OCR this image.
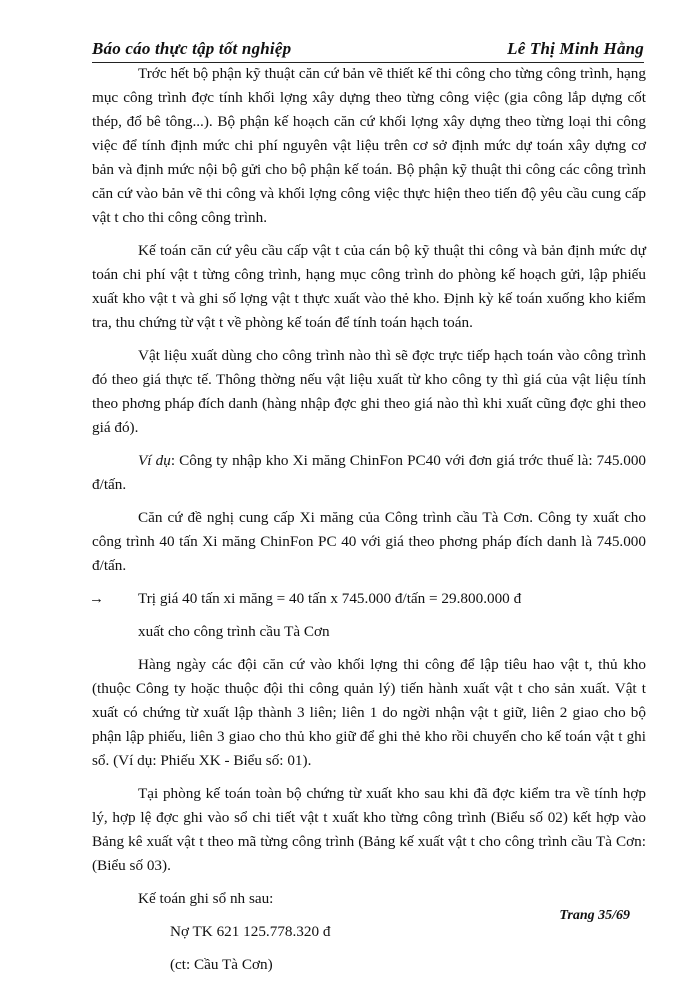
Báo cáo thực tập tốt nghiệp	Lê Thị Minh Hằng

Trớc hết bộ phận kỹ thuật căn cứ bản vẽ thiết kế thi công cho từng công trình, hạng mục công trình đợc tính khối lợng xây dựng theo từng công việc (gia công lắp dựng cốt thép, đổ bê tông...). Bộ phận kế hoạch căn cứ khối lợng xây dựng theo từng loại thi công việc để tính định mức chi phí nguyên vật liệu trên cơ sở định mức dự toán xây dựng cơ bản và định mức nội bộ gửi cho bộ phận kế toán. Bộ phận kỹ thuật thi công các công trình căn cứ vào bản vẽ thi công và khối lợng công việc thực hiện theo tiến độ yêu cầu cung cấp vật t cho thi công công trình.

Kế toán căn cứ yêu cầu cấp vật t của cán bộ kỹ thuật thi công và bản định mức dự toán chi phí vật t từng công trình, hạng mục công trình do phòng kế hoạch gửi, lập phiếu xuất kho vật t và ghi số lợng vật t thực xuất vào thẻ kho. Định kỳ kế toán xuống kho kiểm tra, thu chứng từ vật t về phòng kế toán để tính toán hạch toán.

Vật liệu xuất dùng cho công trình nào thì sẽ đợc trực tiếp hạch toán vào công trình đó theo giá thực tế. Thông thờng nếu vật liệu xuất từ kho công ty thì giá của vật liệu tính theo phơng pháp đích danh (hàng nhập đợc ghi theo giá nào thì khi xuất cũng đợc ghi theo giá đó).

Ví dụ: Công ty nhập kho Xi măng ChinFon PC40 với đơn giá trớc thuế là: 745.000 đ/tấn.

Căn cứ đề nghị cung cấp Xi măng của Công trình cầu Tà Cơn. Công ty xuất cho công trình 40 tấn Xi măng ChinFon PC 40 với giá theo phơng pháp đích danh là 745.000 đ/tấn.

→ Trị giá 40 tấn xi măng = 40 tấn x 745.000 đ/tấn = 29.800.000 đ
xuất cho công trình cầu Tà Cơn

Hàng ngày các đội căn cứ vào khối lợng thi công để lập tiêu hao vật t, thủ kho (thuộc Công ty hoặc thuộc đội thi công quản lý) tiến hành xuất vật t cho sản xuất. Vật t xuất có chứng từ xuất lập thành 3 liên; liên 1 do ngời nhận vật t giữ, liên 2 giao cho bộ phận lập phiếu, liên 3 giao cho thủ kho giữ để ghi thẻ kho rồi chuyển cho kế toán vật t ghi sổ. (Ví dụ: Phiếu XK - Biểu số: 01).

Tại phòng kế toán toàn bộ chứng từ xuất kho sau khi đã đợc kiểm tra về tính hợp lý, hợp lệ đợc ghi vào sổ chi tiết vật t xuất kho từng công trình (Biểu số 02) kết hợp vào Bảng kê xuất vật t theo mã từng công trình (Bảng kế xuất vật t cho công trình cầu Tà Cơn: (Biểu số 03).

Kế toán ghi sổ nh sau:
Nợ TK 621 125.778.320 đ
(ct: Cầu Tà Cơn)
Trang 35/69
